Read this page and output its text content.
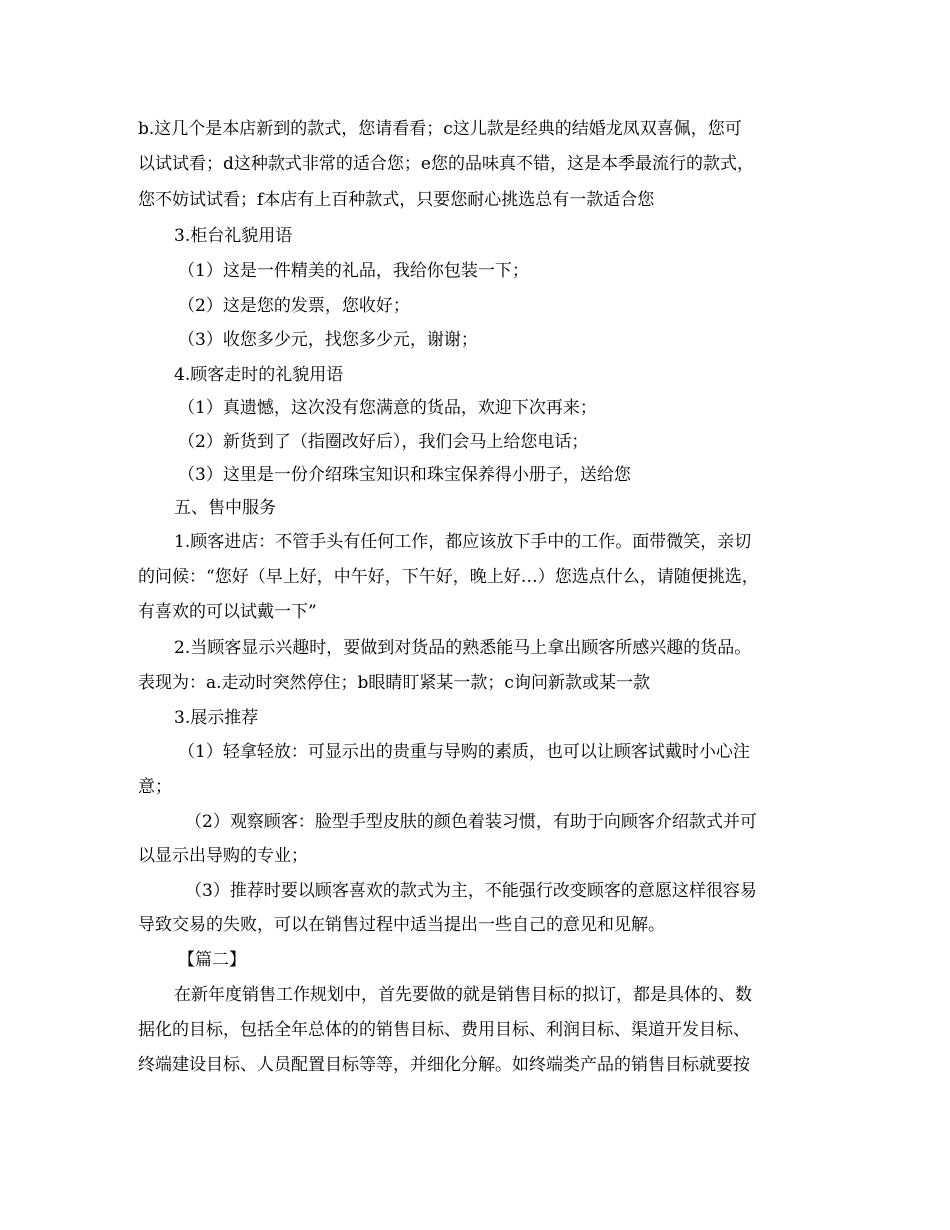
b.这几个是本店新到的款式，您请看看；c这儿款是经典的结婚龙凤双喜佩，您可
以试试看；d这种款式非常的适合您；e您的品味真不错，这是本季最流行的款式，
您不妨试试看；f本店有上百种款式，只要您耐心挑选总有一款适合您
3.柜台礼貌用语
（1）这是一件精美的礼品，我给你包装一下；
（2）这是您的发票，您收好；
（3）收您多少元，找您多少元，谢谢；
4.顾客走时的礼貌用语
（1）真遗憾，这次没有您满意的货品，欢迎下次再来；
（2）新货到了（指圈改好后），我们会马上给您电话；
（3）这里是一份介绍珠宝知识和珠宝保养得小册子，送给您
五、售中服务
1.顾客进店：不管手头有任何工作，都应该放下手中的工作。面带微笑，亲切
的问候：“您好（早上好，中午好，下午好，晚上好…）您选点什么，请随便挑选，
有喜欢的可以试戴一下”
2.当顾客显示兴趣时，要做到对货品的熟悉能马上拿出顾客所感兴趣的货品。
表现为：a.走动时突然停住；b眼睛盯紧某一款；c询问新款或某一款
3.展示推荐
（1）轻拿轻放：可显示出的贵重与导购的素质，也可以让顾客试戴时小心注
意；
（2）观察顾客：脸型手型皮肤的颜色着装习惯，有助于向顾客介绍款式并可
以显示出导购的专业；
（3）推荐时要以顾客喜欢的款式为主，不能强行改变顾客的意愿这样很容易
导致交易的失败，可以在销售过程中适当提出一些自己的意见和见解。
【篇二】
在新年度销售工作规划中，首先要做的就是销售目标的拟订，都是具体的、数
据化的目标，包括全年总体的的销售目标、费用目标、利润目标、渠道开发目标、
终端建设目标、人员配置目标等等，并细化分解。如终端类产品的销售目标就要按
